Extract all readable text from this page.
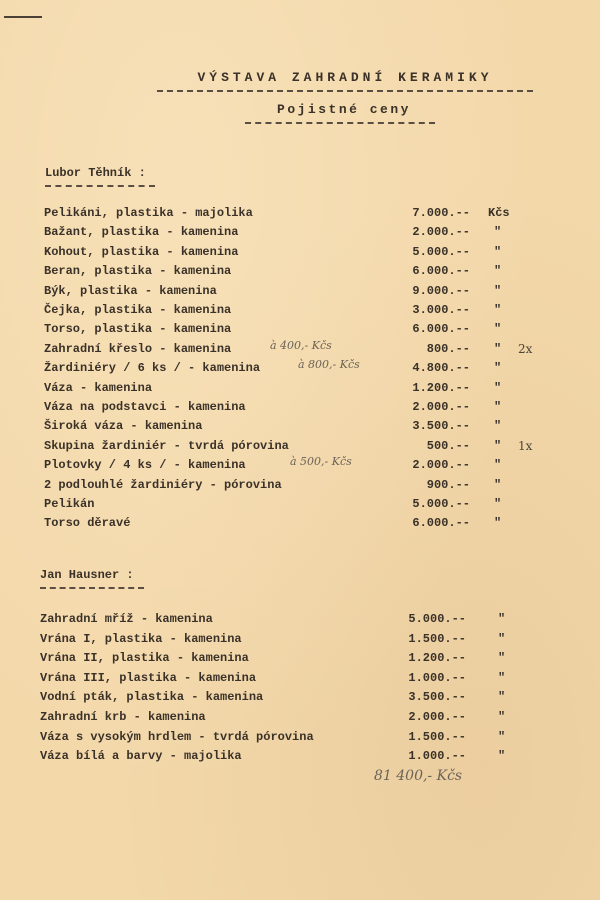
VÝSTAVA ZAHRADNÍ KERAMIKY
Pojistné ceny
Lubor Těhník :
Pelikáni, plastika - majolika	7.000.-- Kčs
Bažant, plastika - kamenina	2.000.-- "
Kohout, plastika - kamenina	5.000.-- "
Beran, plastika - kamenina	6.000.-- "
Býk, plastika - kamenina	9.000.-- "
Čejka, plastika - kamenina	3.000.-- "
Torso, plastika - kamenina	6.000.-- "
Zahradní křeslo - kamenina	800.-- "
à 400,- Kčs	2x
Žardiniéry / 6 ks / - kamenina	4.800.-- "
à 800,- Kčs
Váza - kamenina	1.200.-- "
Váza na podstavci - kamenina	2.000.-- "
Široká váza - kamenina	3.500.-- "
Skupina žardiniér - tvrdá pórovina	500.-- " 1x
Plotovky / 4 ks / - kamenina	2.000.-- "
à 500,- Kčs
2 podlouhlé žardiniéry - pórovina	900.-- "
Pelikán	5.000.-- "
Torso děravé	6.000.-- "
Jan Hausner :
Zahradní mříž - kamenina	5.000.--	"
Vrána I, plastika - kamenina	1.500.--	"
Vrána II, plastika - kamenina	1.200.--	"
Vrána III, plastika - kamenina	1.000.--	"
Vodní pták, plastika - kamenina	3.500.--	"
Zahradní krb - kamenina	2.000.--	"
Váza s vysokým hrdlem - tvrdá pórovina	1.500.--	"
Váza bílá a barvy - majolika	1.000.--	"
81 400,- Kčs
